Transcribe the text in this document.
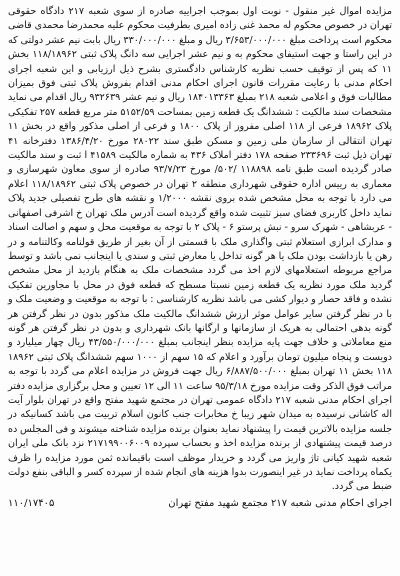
مزایده اموال غیر منقول - نوبت اول بموجب اجراییه صادره از سوی شعبه ۲۱۷ دادگاه حقوقی تهران در خصوص محکوم له محمد غنی زاده امیری بطرفیت محکوم علیه محمدرضا محمدی قاضی محکوم است پرداخت مبلغ ۳/۶۵۳/۰۰۰/۰۰۰ ریال و مبلغ ۳۳۰/۰۰۰/۰۰۰ ریال بابت نیم عشر دولتی که در این راستا و جهت استیفای محکوم به و نیم عشر اجرایی سه دانگ پلاک ثبتی ۱۱۸/۱۸۹۶۲ بخش ۱۱ که پس از توقیف حسب نظریه کارشناس دادگستری بشرح ذیل ارزیابی و این شعبه اجرای احکام مدنی با رعایت مقررات قانون اجرای احکام مدنی اقدام بفروش پلاک ثبتی فوق بمیزان مطالبات فوق و اعلامی شعبه ۲۱۸ بمبلغ ۱۸۴۰۱۳۳۶۳ ریال و نیم عشر ۹۳۲۶۳۹ ریال اقدام می نماید مشخصات سند مالکیت : ششدانگ یک قطعه زمین بمساحت ۵۱۵۲/۵۹ متر مربع قطعه ۲۵۷ تفکیکی پلاک ۱۸۹۶۲ فرعی از ۱۱۸ اصلی مفروز از پلاک ۱۸۰۰ و فرعی از اصلی مذکور واقع در بخش ۱۱ تهران انتقالی از سازمان ملی زمین و مسکن طبق سند ۲۸۰۲۲ مورخ ۱۳۸۶/۴/۲۰ دفترخانه ۴۱ تهران ذیل ثبت ۲۳۳۶۹۶ صفحه ۱۷۸ دفتر املاک ۴۳۶ به شماره مالکیت ۴۱۵۸۹ ا ثبت و سند مالکیت صادر گردیده است طبق نامه ۱۱۸۸۹۸ /۵۰۲/ مورخ ۹۳/۷/۲۳ صادره از سوی معاون شهرسازی و معماری به رییس اداره حقوقی شهرداری منطقه ۲ تهران در خصوص پلاک ثبتی ۱۱۸/۱۸۹۶۲ اعلام می دارد با توجه به محل مشخص شده بروی نقشه ۱/۲۰۰۰ و نقشه های طرح تفصیلی جدید پلاک نماید داخل کاربری فضای سبز تثبیت شده واقع گردیده است آدرس ملک تهران خ اشرفی اصفهانی - عربشاهی - شهرک سرو - نبش پرستو ۶ - پلاک ۲ با توجه به موقعیت محل و سهم و اصالت اسناد و مدارک ابرازی استعلام ثبتی واگذاری ملک با قسمتی از آن بغیر از طریق قولنامه وکالتنامه و در رهن یا بازداشت بودن ملک یا هر گونه تداخل یا معارض ثبتی و سندی یا اینجانب نمی باشد و توسط مراجع مربوطه استعلامهای لازم اخذ می گردد مشخصات ملک به هنگام بازدید از محل مشخص گردید ملک مورد نظریه یک قطعه زمین نسبتا مسطح که قطعه فوق در محل با مجاورین تفکیک نشده و فاقد حصار و دیوار کشی می باشد نظریه کارشناسی : با توجه به موقعیت و وضعیت ملک و با در نظر گرفتن سایر عوامل موثر ارزش ششدانگ مالکیت ملک مذکور بدون در نظر گرفتن هر گونه بدهی احتمالی به هریک از سازمانها و ارگانها بانک شهرداری و بدون در نظر گرفتن هر گونه منع معاملاتی و خلاف جهت پایه مزایده بنظر اینجانب بمبلغ ۴۳/۵۵۰/۰۰۰/۰۰۰ ریال چهار میلیارد و دویست و پنجاه میلیون تومان برآورد و اعلام که ۱۵ سهم از ۱۰۰۰ سهم ششدانگ پلاک ثبتی ۱۸۹۶۲ ۱۱۸ بخش ۱۱ تهران بمبلغ ۶/۸۸۷/۵۰۰/۰۰۰ ریال جهت فروش در مزایده اعلام می گردد با توجه به مراتب فوق الذکر وقت مزایده مورخ ۹۵/۳/۱۸ ساعت ۱۱ الی ۱۲ تعیین و محل برگزاری مزایده دفتر اجرای احکام مدنی شعبه ۲۱۷ دادگاه عمومی تهران در مجتمع شهید مفتح واقع در تهران بلوار آیت اله کاشانی نرسیده به میدان شهر زیبا خ مخابرات جنب کانون اسلام تربیت می باشد کسانیکه در جلسه مزایده بالاترین قیمت را پیشنهاد نماید بعنوان برنده مزایده شناخته میشوند و فی المجلس ده درصد قیمت پیشنهادی از برنده مزایده اخذ و بحساب سپرده ۲۱۷۱۹۹۰۰۶۰۰۹ نزد بانک ملی ایران شعبه شهید کیانی تاژ واریز می گردد و خریدار موظف است باقیمانده ثمن مورد مزایده را ظرف یکماه پرداخت نماید در غیر اینصورت بدوا هزینه های انجام شده از سپرده کسر و الباقی بنفع دولت ضبط می گردد.

اجرای احکام مدنی شعبه ۲۱۷ مجتمع شهید مفتح تهران
۱۱۰/۱۷۴۰۵
